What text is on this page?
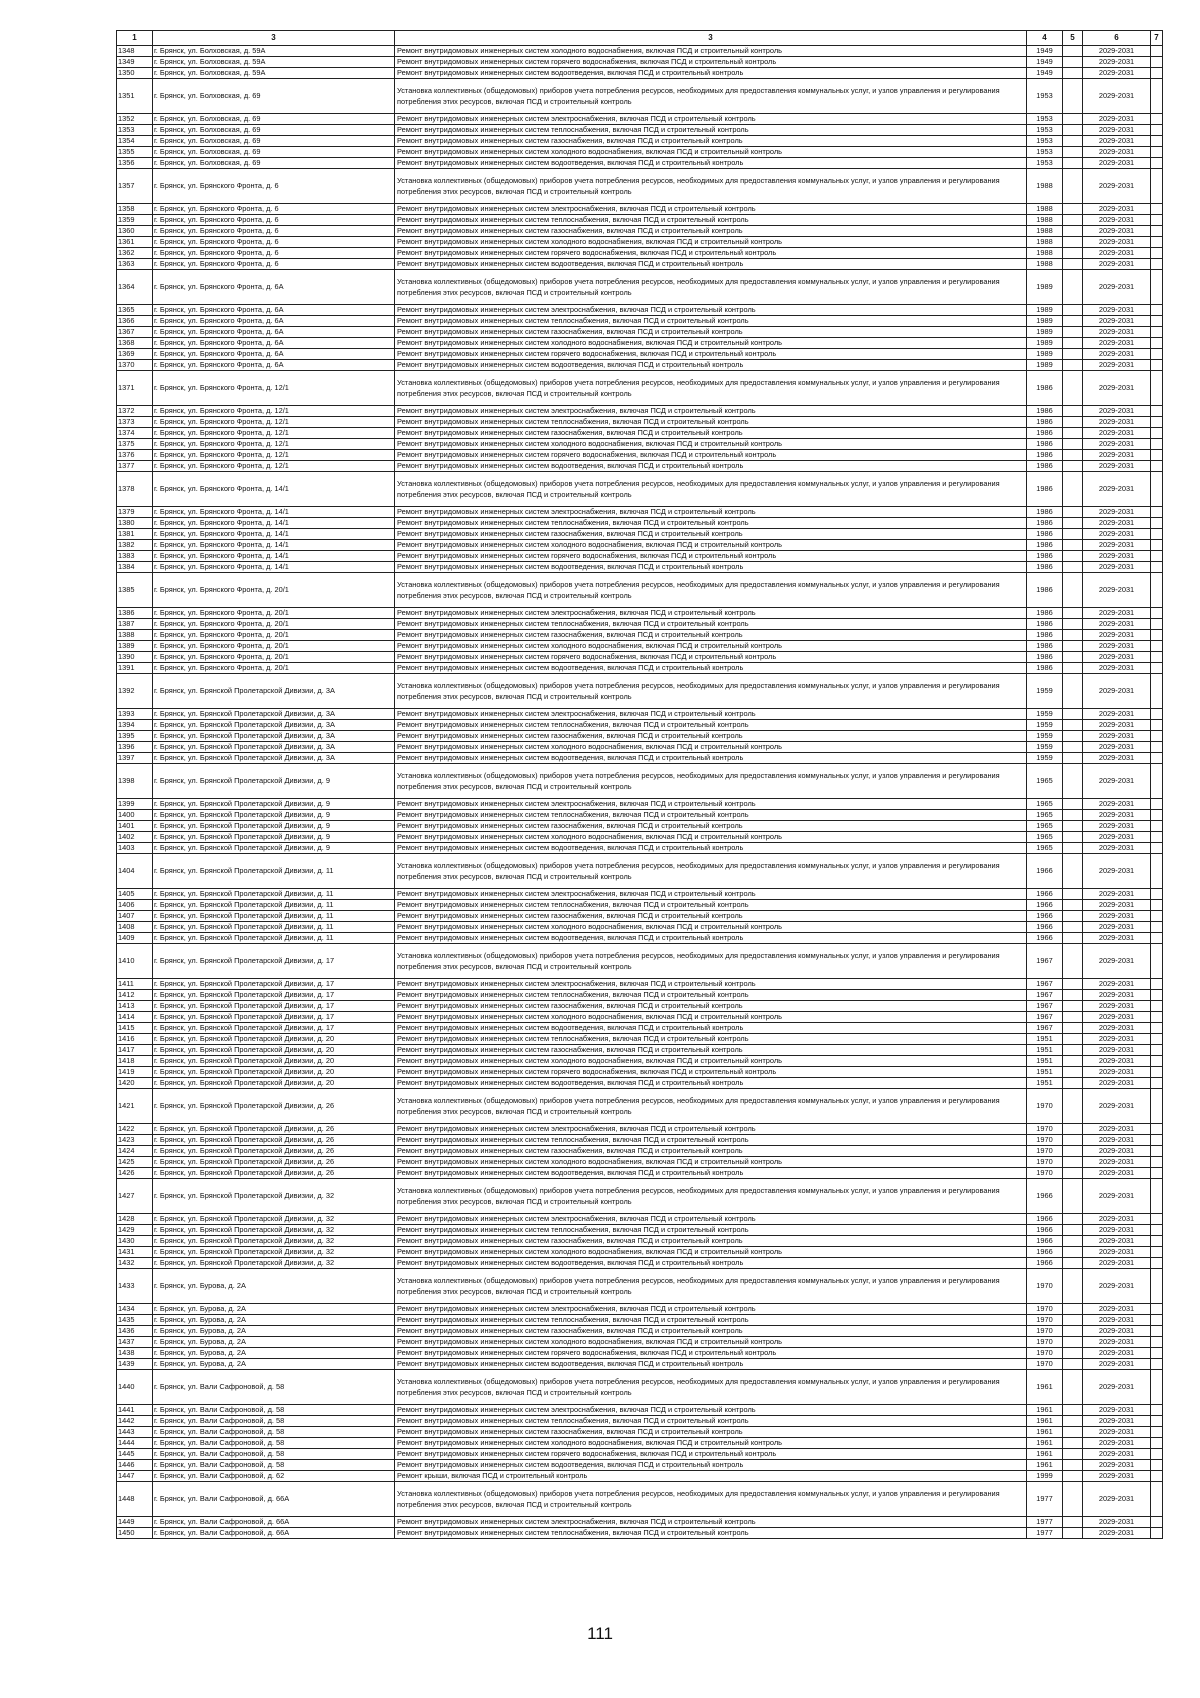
1	3	3	4	5	6	7
1348	г. Брянск, ул. Болховская, д. 59А	Ремонт внутридомовых инженерных систем холодного водоснабжения, включая ПСД и строительный контроль	1949		2029-2031	
1349	г. Брянск, ул. Болховская, д. 59А	Ремонт внутридомовых инженерных систем горячего водоснабжения, включая ПСД и строительный контроль	1949		2029-2031	
1350	г. Брянск, ул. Болховская, д. 59А	Ремонт внутридомовых инженерных систем водоотведения, включая ПСД и строительный контроль	1949		2029-2031	
1351	г. Брянск, ул. Болховская, д. 69	Установка коллективных (общедомовых) приборов учета потребления ресурсов, необходимых для предоставления коммунальных услуг, и узлов управления и регулирования потребления этих ресурсов, включая ПСД и строительный контроль	1953		2029-2031	
1352	г. Брянск, ул. Болховская, д. 69	Ремонт внутридомовых инженерных систем электроснабжения, включая ПСД и строительный контроль	1953		2029-2031	
1353	г. Брянск, ул. Болховская, д. 69	Ремонт внутридомовых инженерных систем теплоснабжения, включая ПСД и строительный контроль	1953		2029-2031	
1354	г. Брянск, ул. Болховская, д. 69	Ремонт внутридомовых инженерных систем газоснабжения, включая ПСД и строительный контроль	1953		2029-2031	
1355	г. Брянск, ул. Болховская, д. 69	Ремонт внутридомовых инженерных систем холодного водоснабжения, включая ПСД и строительный контроль	1953		2029-2031	
1356	г. Брянск, ул. Болховская, д. 69	Ремонт внутридомовых инженерных систем водоотведения, включая ПСД и строительный контроль	1953		2029-2031	
1357	г. Брянск, ул. Брянского Фронта, д. 6	Установка коллективных (общедомовых) приборов учета потребления ресурсов, необходимых для предоставления коммунальных услуг, и узлов управления и регулирования потребления этих ресурсов, включая ПСД и строительный контроль	1988		2029-2031	
1358	г. Брянск, ул. Брянского Фронта, д. 6	Ремонт внутридомовых инженерных систем электроснабжения, включая ПСД и строительный контроль	1988		2029-2031	
1359	г. Брянск, ул. Брянского Фронта, д. 6	Ремонт внутридомовых инженерных систем теплоснабжения, включая ПСД и строительный контроль	1988		2029-2031	
1360	г. Брянск, ул. Брянского Фронта, д. 6	Ремонт внутридомовых инженерных систем газоснабжения, включая ПСД и строительный контроль	1988		2029-2031	
1361	г. Брянск, ул. Брянского Фронта, д. 6	Ремонт внутридомовых инженерных систем холодного водоснабжения, включая ПСД и строительный контроль	1988		2029-2031	
1362	г. Брянск, ул. Брянского Фронта, д. 6	Ремонт внутридомовых инженерных систем горячего водоснабжения, включая ПСД и строительный контроль	1988		2029-2031	
1363	г. Брянск, ул. Брянского Фронта, д. 6	Ремонт внутридомовых инженерных систем водоотведения, включая ПСД и строительный контроль	1988		2029-2031	
1364	г. Брянск, ул. Брянского Фронта, д. 6А	Установка коллективных (общедомовых) приборов учета потребления ресурсов, необходимых для предоставления коммунальных услуг, и узлов управления и регулирования потребления этих ресурсов, включая ПСД и строительный контроль	1989		2029-2031	
1365	г. Брянск, ул. Брянского Фронта, д. 6А	Ремонт внутридомовых инженерных систем электроснабжения, включая ПСД и строительный контроль	1989		2029-2031	
1366	г. Брянск, ул. Брянского Фронта, д. 6А	Ремонт внутридомовых инженерных систем теплоснабжения, включая ПСД и строительный контроль	1989		2029-2031	
1367	г. Брянск, ул. Брянского Фронта, д. 6А	Ремонт внутридомовых инженерных систем газоснабжения, включая ПСД и строительный контроль	1989		2029-2031	
1368	г. Брянск, ул. Брянского Фронта, д. 6А	Ремонт внутридомовых инженерных систем холодного водоснабжения, включая ПСД и строительный контроль	1989		2029-2031	
1369	г. Брянск, ул. Брянского Фронта, д. 6А	Ремонт внутридомовых инженерных систем горячего водоснабжения, включая ПСД и строительный контроль	1989		2029-2031	
1370	г. Брянск, ул. Брянского Фронта, д. 6А	Ремонт внутридомовых инженерных систем водоотведения, включая ПСД и строительный контроль	1989		2029-2031	
1371	г. Брянск, ул. Брянского Фронта, д. 12/1	Установка коллективных (общедомовых) приборов учета потребления ресурсов, необходимых для предоставления коммунальных услуг, и узлов управления и регулирования потребления этих ресурсов, включая ПСД и строительный контроль	1986		2029-2031	
1372	г. Брянск, ул. Брянского Фронта, д. 12/1	Ремонт внутридомовых инженерных систем электроснабжения, включая ПСД и строительный контроль	1986		2029-2031	
1373	г. Брянск, ул. Брянского Фронта, д. 12/1	Ремонт внутридомовых инженерных систем теплоснабжения, включая ПСД и строительный контроль	1986		2029-2031	
1374	г. Брянск, ул. Брянского Фронта, д. 12/1	Ремонт внутридомовых инженерных систем газоснабжения, включая ПСД и строительный контроль	1986		2029-2031	
1375	г. Брянск, ул. Брянского Фронта, д. 12/1	Ремонт внутридомовых инженерных систем холодного водоснабжения, включая ПСД и строительный контроль	1986		2029-2031	
1376	г. Брянск, ул. Брянского Фронта, д. 12/1	Ремонт внутридомовых инженерных систем горячего водоснабжения, включая ПСД и строительный контроль	1986		2029-2031	
1377	г. Брянск, ул. Брянского Фронта, д. 12/1	Ремонт внутридомовых инженерных систем водоотведения, включая ПСД и строительный контроль	1986		2029-2031	
1378	г. Брянск, ул. Брянского Фронта, д. 14/1	Установка коллективных (общедомовых) приборов учета потребления ресурсов, необходимых для предоставления коммунальных услуг, и узлов управления и регулирования потребления этих ресурсов, включая ПСД и строительный контроль	1986		2029-2031	
1379	г. Брянск, ул. Брянского Фронта, д. 14/1	Ремонт внутридомовых инженерных систем электроснабжения, включая ПСД и строительный контроль	1986		2029-2031	
1380	г. Брянск, ул. Брянского Фронта, д. 14/1	Ремонт внутридомовых инженерных систем теплоснабжения, включая ПСД и строительный контроль	1986		2029-2031	
1381	г. Брянск, ул. Брянского Фронта, д. 14/1	Ремонт внутридомовых инженерных систем газоснабжения, включая ПСД и строительный контроль	1986		2029-2031	
1382	г. Брянск, ул. Брянского Фронта, д. 14/1	Ремонт внутридомовых инженерных систем холодного водоснабжения, включая ПСД и строительный контроль	1986		2029-2031	
1383	г. Брянск, ул. Брянского Фронта, д. 14/1	Ремонт внутридомовых инженерных систем горячего водоснабжения, включая ПСД и строительный контроль	1986		2029-2031	
1384	г. Брянск, ул. Брянского Фронта, д. 14/1	Ремонт внутридомовых инженерных систем водоотведения, включая ПСД и строительный контроль	1986		2029-2031	
1385	г. Брянск, ул. Брянского Фронта, д. 20/1	Установка коллективных (общедомовых) приборов учета потребления ресурсов, необходимых для предоставления коммунальных услуг, и узлов управления и регулирования потребления этих ресурсов, включая ПСД и строительный контроль	1986		2029-2031	
1386	г. Брянск, ул. Брянского Фронта, д. 20/1	Ремонт внутридомовых инженерных систем электроснабжения, включая ПСД и строительный контроль	1986		2029-2031	
1387	г. Брянск, ул. Брянского Фронта, д. 20/1	Ремонт внутридомовых инженерных систем теплоснабжения, включая ПСД и строительный контроль	1986		2029-2031	
1388	г. Брянск, ул. Брянского Фронта, д. 20/1	Ремонт внутридомовых инженерных систем газоснабжения, включая ПСД и строительный контроль	1986		2029-2031	
1389	г. Брянск, ул. Брянского Фронта, д. 20/1	Ремонт внутридомовых инженерных систем холодного водоснабжения, включая ПСД и строительный контроль	1986		2029-2031	
1390	г. Брянск, ул. Брянского Фронта, д. 20/1	Ремонт внутридомовых инженерных систем горячего водоснабжения, включая ПСД и строительный контроль	1986		2029-2031	
1391	г. Брянск, ул. Брянского Фронта, д. 20/1	Ремонт внутридомовых инженерных систем водоотведения, включая ПСД и строительный контроль	1986		2029-2031	
1392	г. Брянск, ул. Брянской Пролетарской Дивизии, д. 3А	Установка коллективных (общедомовых) приборов учета потребления ресурсов, необходимых для предоставления коммунальных услуг, и узлов управления и регулирования потребления этих ресурсов, включая ПСД и строительный контроль	1959		2029-2031	
1393	г. Брянск, ул. Брянской Пролетарской Дивизии, д. 3А	Ремонт внутридомовых инженерных систем электроснабжения, включая ПСД и строительный контроль	1959		2029-2031	
1394	г. Брянск, ул. Брянской Пролетарской Дивизии, д. 3А	Ремонт внутридомовых инженерных систем теплоснабжения, включая ПСД и строительный контроль	1959		2029-2031	
1395	г. Брянск, ул. Брянской Пролетарской Дивизии, д. 3А	Ремонт внутридомовых инженерных систем газоснабжения, включая ПСД и строительный контроль	1959		2029-2031	
1396	г. Брянск, ул. Брянской Пролетарской Дивизии, д. 3А	Ремонт внутридомовых инженерных систем холодного водоснабжения, включая ПСД и строительный контроль	1959		2029-2031	
1397	г. Брянск, ул. Брянской Пролетарской Дивизии, д. 3А	Ремонт внутридомовых инженерных систем водоотведения, включая ПСД и строительный контроль	1959		2029-2031	
1398	г. Брянск, ул. Брянской Пролетарской Дивизии, д. 9	Установка коллективных (общедомовых) приборов учета потребления ресурсов, необходимых для предоставления коммунальных услуг, и узлов управления и регулирования потребления этих ресурсов, включая ПСД и строительный контроль	1965		2029-2031	
1399	г. Брянск, ул. Брянской Пролетарской Дивизии, д. 9	Ремонт внутридомовых инженерных систем электроснабжения, включая ПСД и строительный контроль	1965		2029-2031	
1400	г. Брянск, ул. Брянской Пролетарской Дивизии, д. 9	Ремонт внутридомовых инженерных систем теплоснабжения, включая ПСД и строительный контроль	1965		2029-2031	
1401	г. Брянск, ул. Брянской Пролетарской Дивизии, д. 9	Ремонт внутридомовых инженерных систем газоснабжения, включая ПСД и строительный контроль	1965		2029-2031	
1402	г. Брянск, ул. Брянской Пролетарской Дивизии, д. 9	Ремонт внутридомовых инженерных систем холодного водоснабжения, включая ПСД и строительный контроль	1965		2029-2031	
1403	г. Брянск, ул. Брянской Пролетарской Дивизии, д. 9	Ремонт внутридомовых инженерных систем водоотведения, включая ПСД и строительный контроль	1965		2029-2031	
1404	г. Брянск, ул. Брянской Пролетарской Дивизии, д. 11	Установка коллективных (общедомовых) приборов учета потребления ресурсов, необходимых для предоставления коммунальных услуг, и узлов управления и регулирования потребления этих ресурсов, включая ПСД и строительный контроль	1966		2029-2031	
1405	г. Брянск, ул. Брянской Пролетарской Дивизии, д. 11	Ремонт внутридомовых инженерных систем электроснабжения, включая ПСД и строительный контроль	1966		2029-2031	
1406	г. Брянск, ул. Брянской Пролетарской Дивизии, д. 11	Ремонт внутридомовых инженерных систем теплоснабжения, включая ПСД и строительный контроль	1966		2029-2031	
1407	г. Брянск, ул. Брянской Пролетарской Дивизии, д. 11	Ремонт внутридомовых инженерных систем газоснабжения, включая ПСД и строительный контроль	1966		2029-2031	
1408	г. Брянск, ул. Брянской Пролетарской Дивизии, д. 11	Ремонт внутридомовых инженерных систем холодного водоснабжения, включая ПСД и строительный контроль	1966		2029-2031	
1409	г. Брянск, ул. Брянской Пролетарской Дивизии, д. 11	Ремонт внутридомовых инженерных систем водоотведения, включая ПСД и строительный контроль	1966		2029-2031	
1410	г. Брянск, ул. Брянской Пролетарской Дивизии, д. 17	Установка коллективных (общедомовых) приборов учета потребления ресурсов, необходимых для предоставления коммунальных услуг, и узлов управления и регулирования потребления этих ресурсов, включая ПСД и строительный контроль	1967		2029-2031	
1411	г. Брянск, ул. Брянской Пролетарской Дивизии, д. 17	Ремонт внутридомовых инженерных систем электроснабжения, включая ПСД и строительный контроль	1967		2029-2031	
1412	г. Брянск, ул. Брянской Пролетарской Дивизии, д. 17	Ремонт внутридомовых инженерных систем теплоснабжения, включая ПСД и строительный контроль	1967		2029-2031	
1413	г. Брянск, ул. Брянской Пролетарской Дивизии, д. 17	Ремонт внутридомовых инженерных систем газоснабжения, включая ПСД и строительный контроль	1967		2029-2031	
1414	г. Брянск, ул. Брянской Пролетарской Дивизии, д. 17	Ремонт внутридомовых инженерных систем холодного водоснабжения, включая ПСД и строительный контроль	1967		2029-2031	
1415	г. Брянск, ул. Брянской Пролетарской Дивизии, д. 17	Ремонт внутридомовых инженерных систем водоотведения, включая ПСД и строительный контроль	1967		2029-2031	
1416	г. Брянск, ул. Брянской Пролетарской Дивизии, д. 20	Ремонт внутридомовых инженерных систем теплоснабжения, включая ПСД и строительный контроль	1951		2029-2031	
1417	г. Брянск, ул. Брянской Пролетарской Дивизии, д. 20	Ремонт внутридомовых инженерных систем газоснабжения, включая ПСД и строительный контроль	1951		2029-2031	
1418	г. Брянск, ул. Брянской Пролетарской Дивизии, д. 20	Ремонт внутридомовых инженерных систем холодного водоснабжения, включая ПСД и строительный контроль	1951		2029-2031	
1419	г. Брянск, ул. Брянской Пролетарской Дивизии, д. 20	Ремонт внутридомовых инженерных систем горячего водоснабжения, включая ПСД и строительный контроль	1951		2029-2031	
1420	г. Брянск, ул. Брянской Пролетарской Дивизии, д. 20	Ремонт внутридомовых инженерных систем водоотведения, включая ПСД и строительный контроль	1951		2029-2031	
1421	г. Брянск, ул. Брянской Пролетарской Дивизии, д. 26	Установка коллективных (общедомовых) приборов учета потребления ресурсов, необходимых для предоставления коммунальных услуг, и узлов управления и регулирования потребления этих ресурсов, включая ПСД и строительный контроль	1970		2029-2031	
1422	г. Брянск, ул. Брянской Пролетарской Дивизии, д. 26	Ремонт внутридомовых инженерных систем электроснабжения, включая ПСД и строительный контроль	1970		2029-2031	
1423	г. Брянск, ул. Брянской Пролетарской Дивизии, д. 26	Ремонт внутридомовых инженерных систем теплоснабжения, включая ПСД и строительный контроль	1970		2029-2031	
1424	г. Брянск, ул. Брянской Пролетарской Дивизии, д. 26	Ремонт внутридомовых инженерных систем газоснабжения, включая ПСД и строительный контроль	1970		2029-2031	
1425	г. Брянск, ул. Брянской Пролетарской Дивизии, д. 26	Ремонт внутридомовых инженерных систем холодного водоснабжения, включая ПСД и строительный контроль	1970		2029-2031	
1426	г. Брянск, ул. Брянской Пролетарской Дивизии, д. 26	Ремонт внутридомовых инженерных систем водоотведения, включая ПСД и строительный контроль	1970		2029-2031	
1427	г. Брянск, ул. Брянской Пролетарской Дивизии, д. 32	Установка коллективных (общедомовых) приборов учета потребления ресурсов, необходимых для предоставления коммунальных услуг, и узлов управления и регулирования потребления этих ресурсов, включая ПСД и строительный контроль	1966		2029-2031	
1428	г. Брянск, ул. Брянской Пролетарской Дивизии, д. 32	Ремонт внутридомовых инженерных систем электроснабжения, включая ПСД и строительный контроль	1966		2029-2031	
1429	г. Брянск, ул. Брянской Пролетарской Дивизии, д. 32	Ремонт внутридомовых инженерных систем теплоснабжения, включая ПСД и строительный контроль	1966		2029-2031	
1430	г. Брянск, ул. Брянской Пролетарской Дивизии, д. 32	Ремонт внутридомовых инженерных систем газоснабжения, включая ПСД и строительный контроль	1966		2029-2031	
1431	г. Брянск, ул. Брянской Пролетарской Дивизии, д. 32	Ремонт внутридомовых инженерных систем холодного водоснабжения, включая ПСД и строительный контроль	1966		2029-2031	
1432	г. Брянск, ул. Брянской Пролетарской Дивизии, д. 32	Ремонт внутридомовых инженерных систем водоотведения, включая ПСД и строительный контроль	1966		2029-2031	
1433	г. Брянск, ул. Бурова, д. 2А	Установка коллективных (общедомовых) приборов учета потребления ресурсов, необходимых для предоставления коммунальных услуг, и узлов управления и регулирования потребления этих ресурсов, включая ПСД и строительный контроль	1970		2029-2031	
1434	г. Брянск, ул. Бурова, д. 2А	Ремонт внутридомовых инженерных систем электроснабжения, включая ПСД и строительный контроль	1970		2029-2031	
1435	г. Брянск, ул. Бурова, д. 2А	Ремонт внутридомовых инженерных систем теплоснабжения, включая ПСД и строительный контроль	1970		2029-2031	
1436	г. Брянск, ул. Бурова, д. 2А	Ремонт внутридомовых инженерных систем газоснабжения, включая ПСД и строительный контроль	1970		2029-2031	
1437	г. Брянск, ул. Бурова, д. 2А	Ремонт внутридомовых инженерных систем холодного водоснабжения, включая ПСД и строительный контроль	1970		2029-2031	
1438	г. Брянск, ул. Бурова, д. 2А	Ремонт внутридомовых инженерных систем горячего водоснабжения, включая ПСД и строительный контроль	1970		2029-2031	
1439	г. Брянск, ул. Бурова, д. 2А	Ремонт внутридомовых инженерных систем водоотведения, включая ПСД и строительный контроль	1970		2029-2031	
1440	г. Брянск, ул. Вали Сафроновой, д. 58	Установка коллективных (общедомовых) приборов учета потребления ресурсов, необходимых для предоставления коммунальных услуг, и узлов управления и регулирования потребления этих ресурсов, включая ПСД и строительный контроль	1961		2029-2031	
1441	г. Брянск, ул. Вали Сафроновой, д. 58	Ремонт внутридомовых инженерных систем электроснабжения, включая ПСД и строительный контроль	1961		2029-2031	
1442	г. Брянск, ул. Вали Сафроновой, д. 58	Ремонт внутридомовых инженерных систем теплоснабжения, включая ПСД и строительный контроль	1961		2029-2031	
1443	г. Брянск, ул. Вали Сафроновой, д. 58	Ремонт внутридомовых инженерных систем газоснабжения, включая ПСД и строительный контроль	1961		2029-2031	
1444	г. Брянск, ул. Вали Сафроновой, д. 58	Ремонт внутридомовых инженерных систем холодного водоснабжения, включая ПСД и строительный контроль	1961		2029-2031	
1445	г. Брянск, ул. Вали Сафроновой, д. 58	Ремонт внутридомовых инженерных систем горячего водоснабжения, включая ПСД и строительный контроль	1961		2029-2031	
1446	г. Брянск, ул. Вали Сафроновой, д. 58	Ремонт внутридомовых инженерных систем водоотведения, включая ПСД и строительный контроль	1961		2029-2031	
1447	г. Брянск, ул. Вали Сафроновой, д. 62	Ремонт крыши, включая ПСД и строительный контроль	1999		2029-2031	
1448	г. Брянск, ул. Вали Сафроновой, д. 66А	Установка коллективных (общедомовых) приборов учета потребления ресурсов, необходимых для предоставления коммунальных услуг, и узлов управления и регулирования потребления этих ресурсов, включая ПСД и строительный контроль	1977		2029-2031	
1449	г. Брянск, ул. Вали Сафроновой, д. 66А	Ремонт внутридомовых инженерных систем электроснабжения, включая ПСД и строительный контроль	1977		2029-2031	
1450	г. Брянск, ул. Вали Сафроновой, д. 66А	Ремонт внутридомовых инженерных систем теплоснабжения, включая ПСД и строительный контроль	1977		2029-2031	
111
